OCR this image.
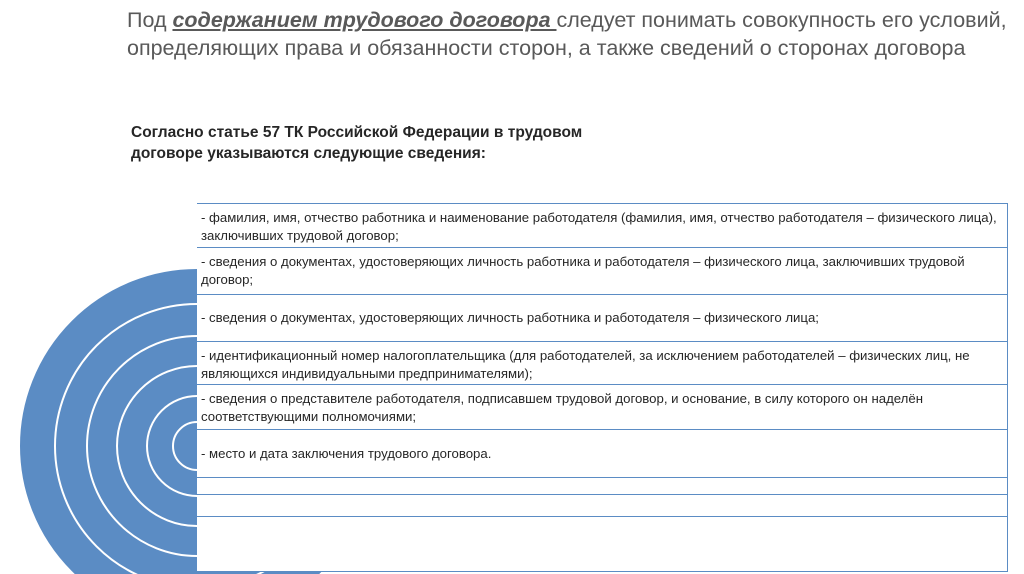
Под содержанием трудового договора следует понимать совокупность его условий, определяющих права и обязанности сторон, а также сведений о сторонах договора

Согласно статье 57 ТК Российской Федерации в трудовом договоре указываются следующие сведения:

- фамилия, имя, отчество работника и наименование работодателя (фамилия, имя, отчество работодателя – физического лица), заключивших трудовой договор;
- сведения о документах, удостоверяющих личность работника и работодателя – физического лица, заключивших трудовой договор;
- сведения о документах, удостоверяющих личность работника и работодателя – физического лица;
- идентификационный номер налогоплательщика (для работодателей, за исключением работодателей – физических лиц, не являющихся индивидуальными предпринимателями);
- сведения о представителе работодателя, подписавшем трудовой договор, и основание, в силу которого он наделён соответствующими полномочиями;
- место и дата заключения трудового договора.
